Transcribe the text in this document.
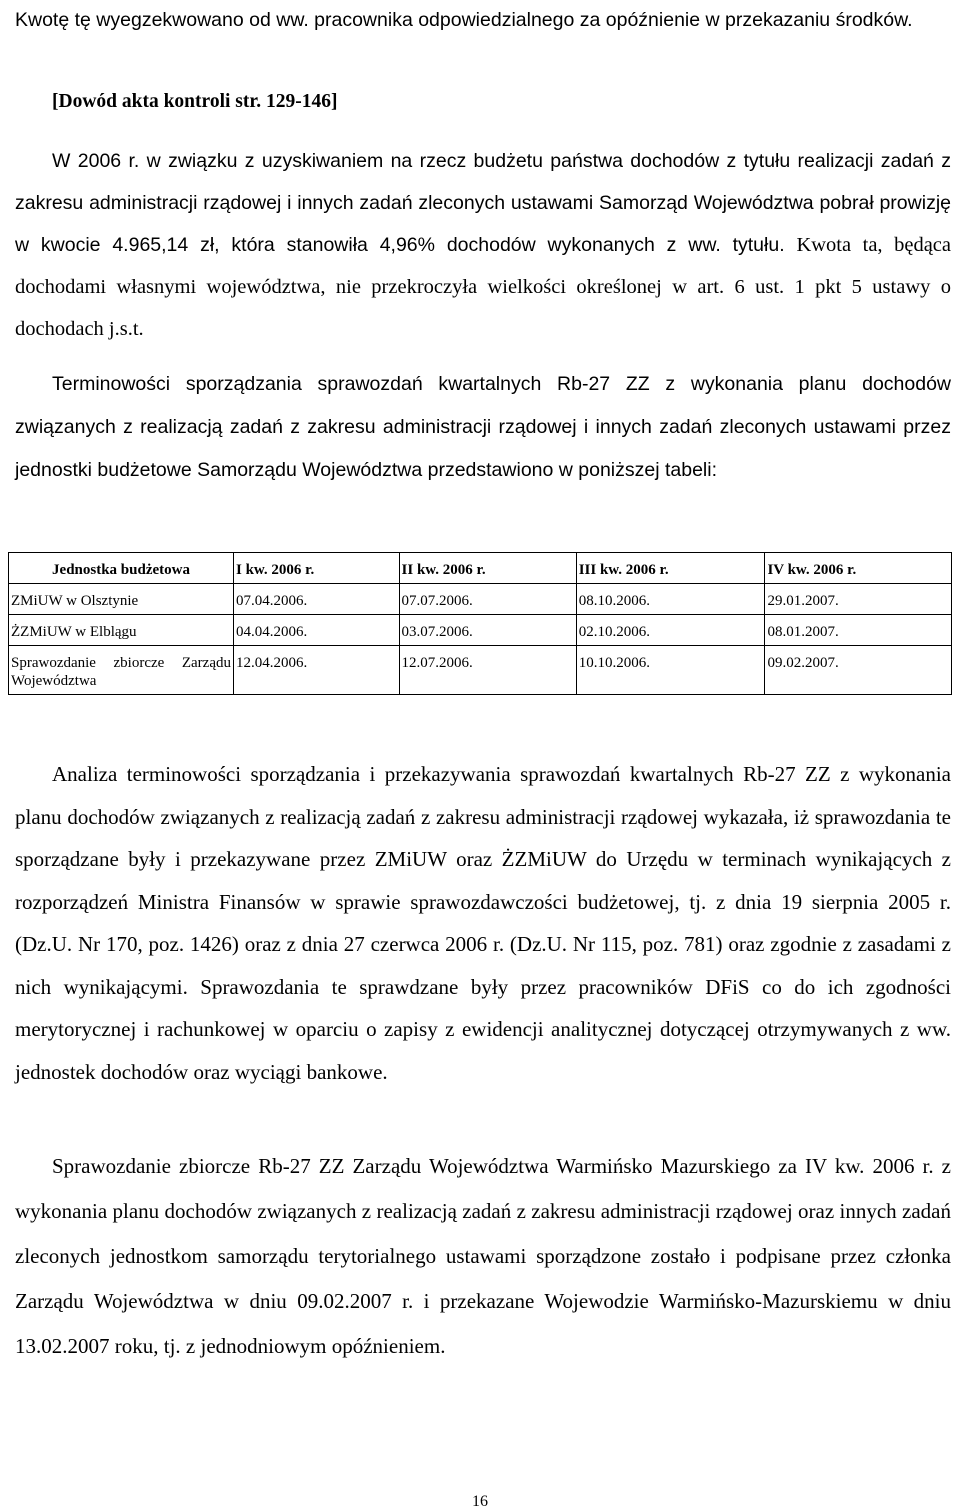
Kwotę tę wyegzekwowano od ww. pracownika odpowiedzialnego za opóźnienie w przekazaniu środków.

[Dowód akta kontroli str. 129-146]

W 2006 r. w związku z uzyskiwaniem na rzecz budżetu państwa dochodów z tytułu realizacji zadań z zakresu administracji rządowej i innych zadań zleconych ustawami Samorząd Województwa pobrał prowizję w kwocie 4.965,14 zł, która stanowiła 4,96% dochodów wykonanych z ww. tytułu. Kwota ta, będąca dochodami własnymi województwa, nie przekroczyła wielkości określonej w art. 6 ust. 1 pkt 5 ustawy o dochodach j.s.t.

Terminowości sporządzania sprawozdań kwartalnych Rb-27 ZZ z wykonania planu dochodów związanych z realizacją zadań z zakresu administracji rządowej i innych zadań zleconych ustawami przez jednostki budżetowe Samorządu Województwa przedstawiono w poniższej tabeli:

Jednostka budżetowa	I kw. 2006 r.	II kw. 2006 r.	III kw. 2006 r.	IV kw. 2006 r.
ZMiUW w Olsztynie	07.04.2006.	07.07.2006.	08.10.2006.	29.01.2007.
ŻZMiUW w Elblągu	04.04.2006.	03.07.2006.	02.10.2006.	08.01.2007.
Sprawozdanie zbiorcze Zarządu Województwa	12.04.2006.	12.07.2006.	10.10.2006.	09.02.2007.

Analiza terminowości sporządzania i przekazywania sprawozdań kwartalnych Rb-27 ZZ z wykonania planu dochodów związanych z realizacją zadań z zakresu administracji rządowej wykazała, iż sprawozdania te sporządzane były i przekazywane przez ZMiUW oraz ŻZMiUW do Urzędu w terminach wynikających z rozporządzeń Ministra Finansów w sprawie sprawozdawczości budżetowej, tj. z dnia 19 sierpnia 2005 r. (Dz.U. Nr 170, poz. 1426) oraz z dnia 27 czerwca 2006 r. (Dz.U. Nr 115, poz. 781) oraz zgodnie z zasadami z nich wynikającymi. Sprawozdania te sprawdzane były przez pracowników DFiS co do ich zgodności merytorycznej i rachunkowej w oparciu o zapisy z ewidencji analitycznej dotyczącej otrzymywanych z ww. jednostek dochodów oraz wyciągi bankowe.

Sprawozdanie zbiorcze Rb-27 ZZ Zarządu Województwa Warmińsko Mazurskiego za IV kw. 2006 r. z wykonania planu dochodów związanych z realizacją zadań z zakresu administracji rządowej oraz innych zadań zleconych jednostkom samorządu terytorialnego ustawami sporządzone zostało i podpisane przez członka Zarządu Województwa w dniu 09.02.2007 r. i przekazane Wojewodzie Warmińsko-Mazurskiemu w dniu 13.02.2007 roku, tj. z jednodniowym opóźnieniem.

16
